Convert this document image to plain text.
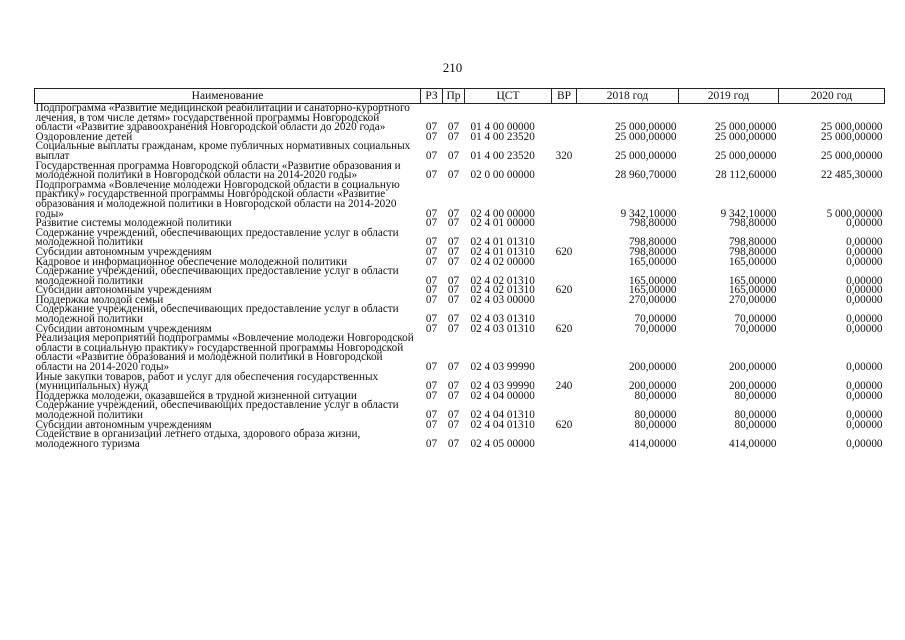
210
Наименование	РЗ	Пр	ЦСТ	ВР	2018 год	2019 год	2020 год
Подпрограмма «Развитие медицинской реабилитации и санаторно-курортного лечения, в том числе детям» государственной программы Новгородской области «Развитие здравоохранения Новгородской области до 2020 года»	07	07	01 4 00 00000		25 000,00000	25 000,00000	25 000,00000
Оздоровление детей	07	07	01 4 00 23520		25 000,00000	25 000,00000	25 000,00000
Социальные выплаты гражданам, кроме публичных нормативных социальных выплат	07	07	01 4 00 23520	320	25 000,00000	25 000,00000	25 000,00000
Государственная программа Новгородской области «Развитие образования и молодежной политики в Новгородской области на 2014-2020 годы»	07	07	02 0 00 00000		28 960,70000	28 112,60000	22 485,30000
Подпрограмма «Вовлечение молодежи Новгородской области в социальную практику» государственной программы Новгородской области «Развитие образования и молодежной политики в Новгородской области на 2014-2020 годы»	07	07	02 4 00 00000		9 342,10000	9 342,10000	5 000,00000
Развитие системы молодежной политики	07	07	02 4 01 00000		798,80000	798,80000	0,00000
Содержание учреждений, обеспечивающих предоставление услуг в области молодежной политики	07	07	02 4 01 01310		798,80000	798,80000	0,00000
Субсидии автономным учреждениям	07	07	02 4 01 01310	620	798,80000	798,80000	0,00000
Кадровое и информационное обеспечение молодежной политики	07	07	02 4 02 00000		165,00000	165,00000	0,00000
Содержание учреждений, обеспечивающих предоставление услуг в области молодежной политики	07	07	02 4 02 01310		165,00000	165,00000	0,00000
Субсидии автономным учреждениям	07	07	02 4 02 01310	620	165,00000	165,00000	0,00000
Поддержка молодой семьи	07	07	02 4 03 00000		270,00000	270,00000	0,00000
Содержание учреждений, обеспечивающих предоставление услуг в области молодежной политики	07	07	02 4 03 01310		70,00000	70,00000	0,00000
Субсидии автономным учреждениям	07	07	02 4 03 01310	620	70,00000	70,00000	0,00000
Реализация мероприятий подпрограммы «Вовлечение молодежи Новгородской области в социальную практику» государственной программы Новгородской области «Развитие образования и молодежной политики в Новгородской области на 2014-2020 годы»	07	07	02 4 03 99990		200,00000	200,00000	0,00000
Иные закупки товаров, работ и услуг для обеспечения государственных (муниципальных) нужд	07	07	02 4 03 99990	240	200,00000	200,00000	0,00000
Поддержка молодежи, оказавшейся в трудной жизненной ситуации	07	07	02 4 04 00000		80,00000	80,00000	0,00000
Содержание учреждений, обеспечивающих предоставление услуг в области молодежной политики	07	07	02 4 04 01310		80,00000	80,00000	0,00000
Субсидии автономным учреждениям	07	07	02 4 04 01310	620	80,00000	80,00000	0,00000
Содействие в организации летнего отдыха, здорового образа жизни, молодежного туризма	07	07	02 4 05 00000		414,00000	414,00000	0,00000
